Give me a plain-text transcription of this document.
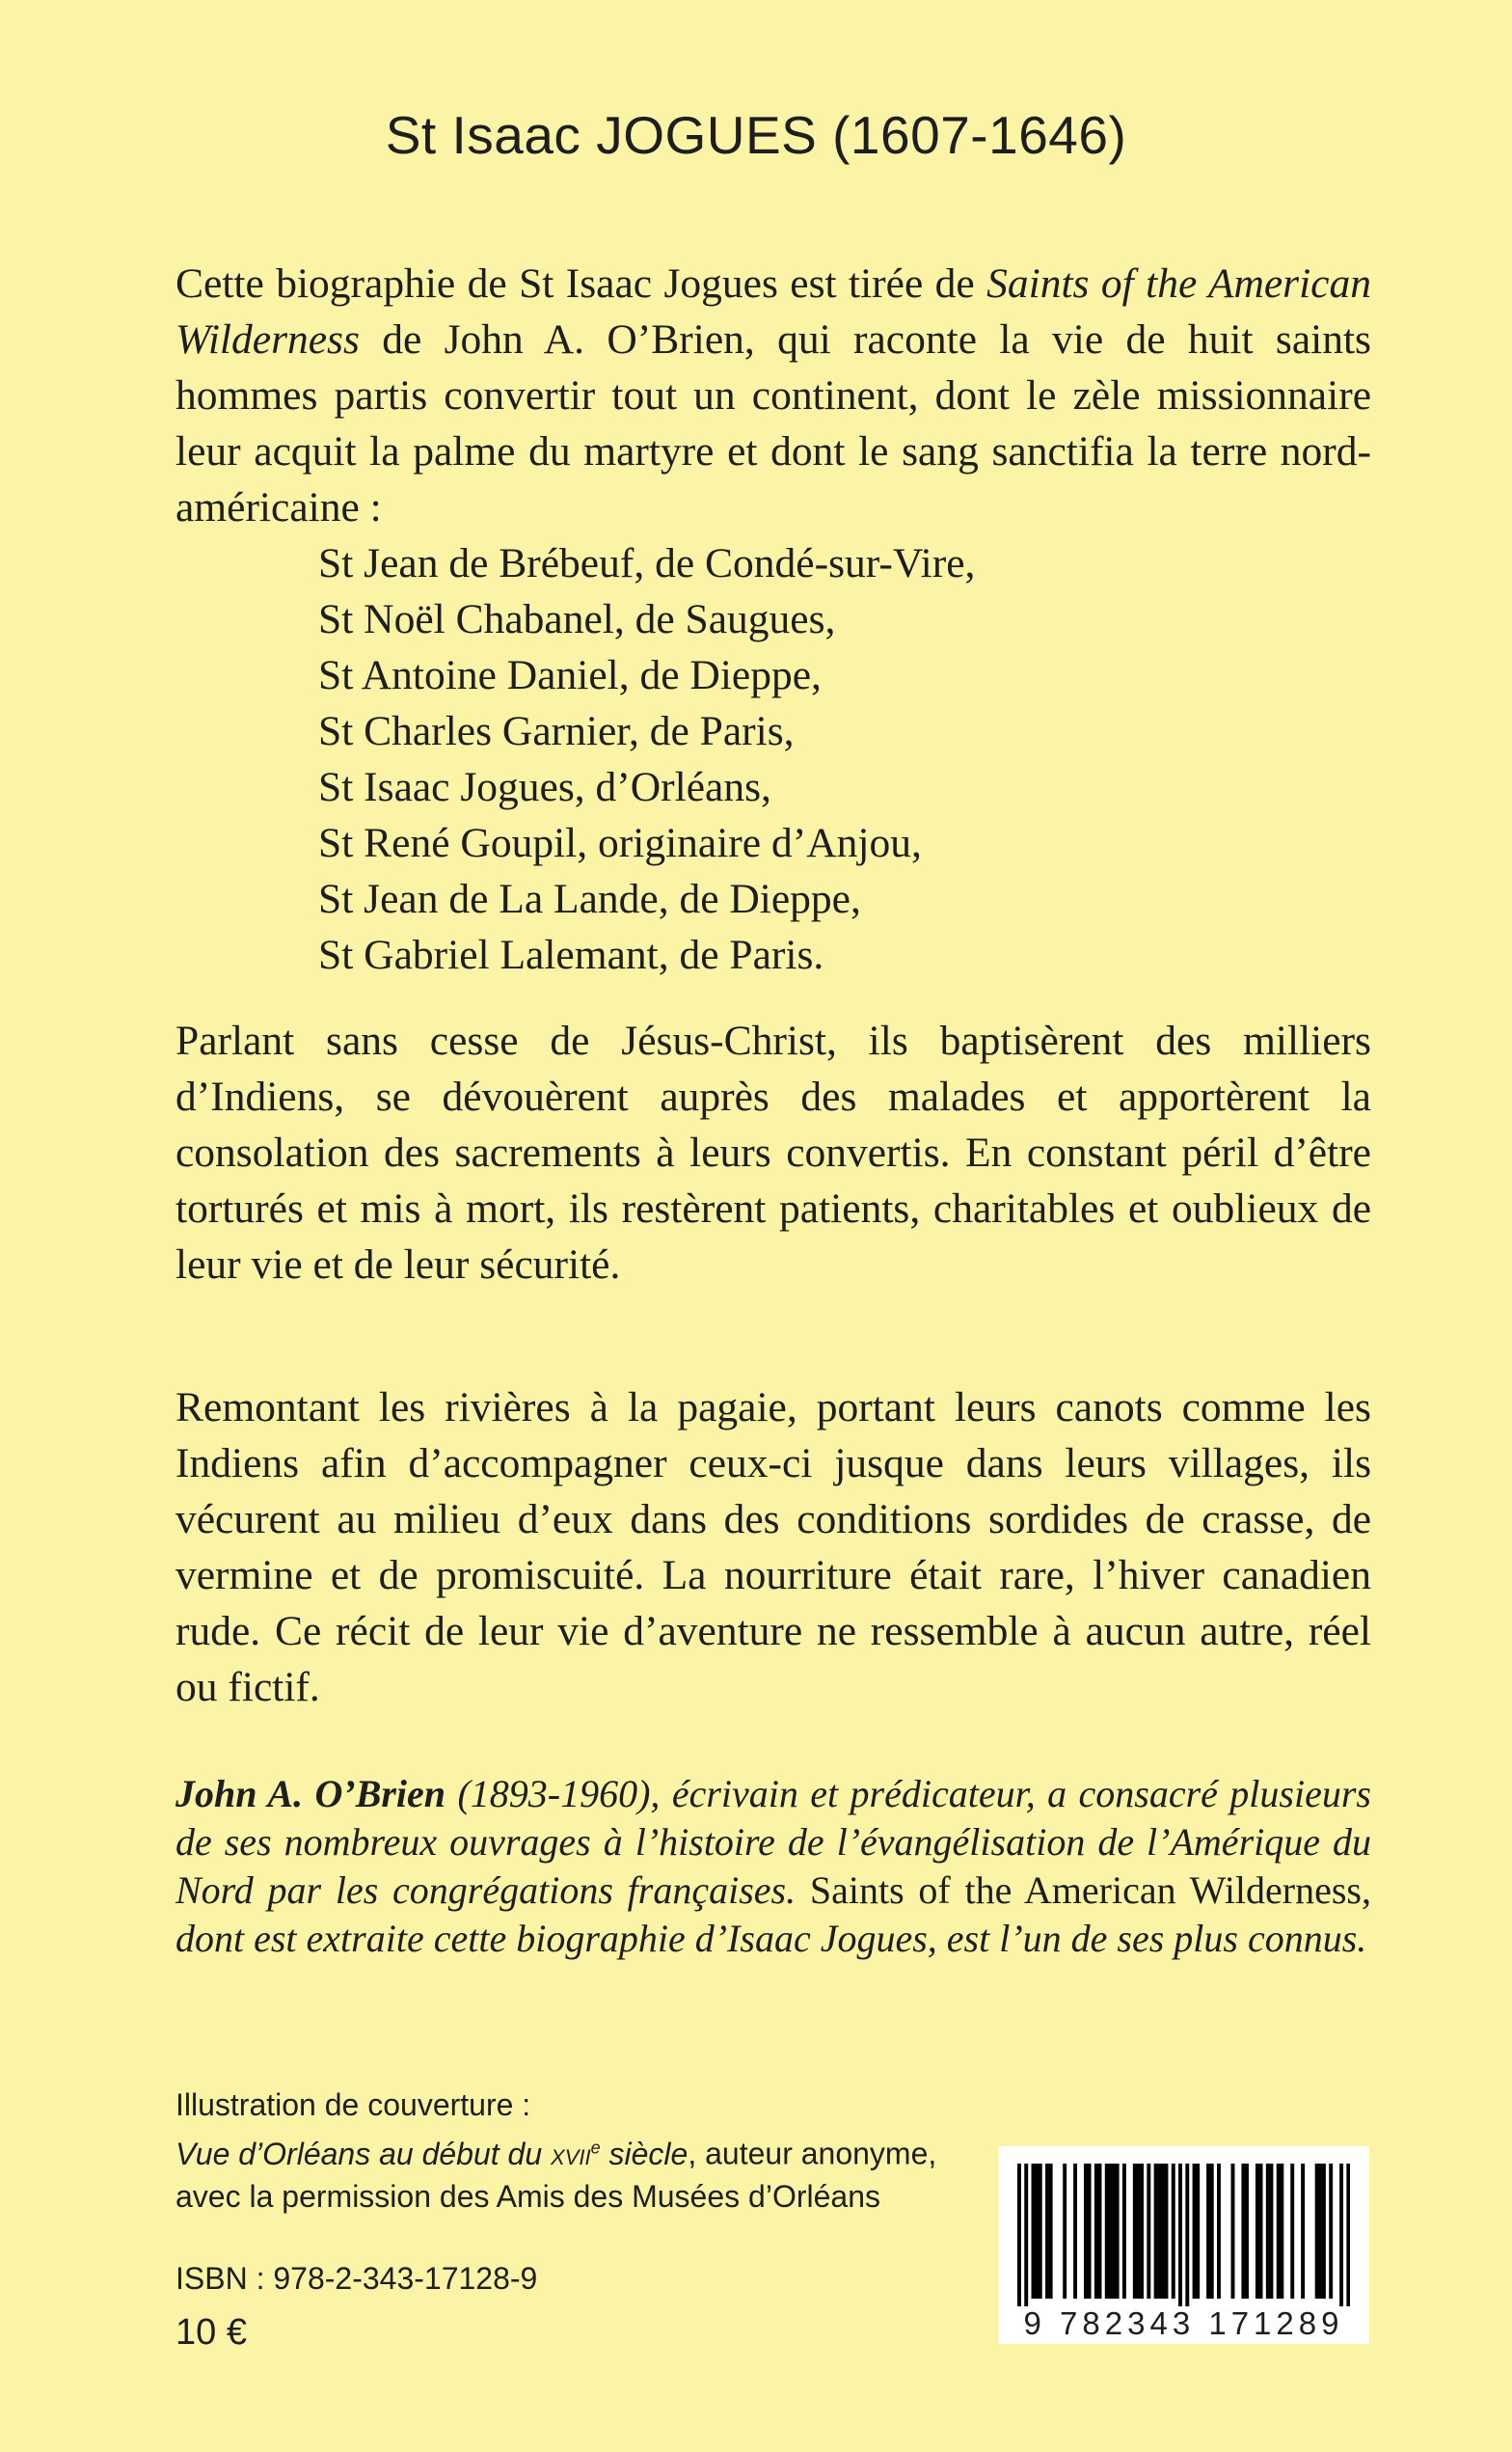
St Isaac JOGUES (1607-1646)

Cette biographie de St Isaac Jogues est tirée de Saints of the American Wilderness de John A. O’Brien, qui raconte la vie de huit saints hommes partis convertir tout un continent, dont le zèle missionnaire leur acquit la palme du martyre et dont le sang sanctifia la terre nord-américaine :

St Jean de Brébeuf, de Condé-sur-Vire,
St Noël Chabanel, de Saugues,
St Antoine Daniel, de Dieppe,
St Charles Garnier, de Paris,
St Isaac Jogues, d’Orléans,
St René Goupil, originaire d’Anjou,
St Jean de La Lande, de Dieppe,
St Gabriel Lalemant, de Paris.

Parlant sans cesse de Jésus-Christ, ils baptisèrent des milliers d’Indiens, se dévouèrent auprès des malades et apportèrent la consolation des sacrements à leurs convertis. En constant péril d’être torturés et mis à mort, ils restèrent patients, charitables et oublieux de leur vie et de leur sécurité.

Remontant les rivières à la pagaie, portant leurs canots comme les Indiens afin d’accompagner ceux-ci jusque dans leurs villages, ils vécurent au milieu d’eux dans des conditions sordides de crasse, de vermine et de promiscuité. La nourriture était rare, l’hiver canadien rude. Ce récit de leur vie d’aventure ne ressemble à aucun autre, réel ou fictif.

John A. O’Brien (1893-1960), écrivain et prédicateur, a consacré plusieurs de ses nombreux ouvrages à l’histoire de l’évangélisation de l’Amérique du Nord par les congrégations françaises. Saints of the American Wilderness, dont est extraite cette biographie d’Isaac Jogues, est l’un de ses plus connus.

Illustration de couverture :
Vue d’Orléans au début du xvii$^e$ siècle, auteur anonyme,
avec la permission des Amis des Musées d’Orléans
ISBN : 978-2-343-17128-9
10 €	9 782343 171289
